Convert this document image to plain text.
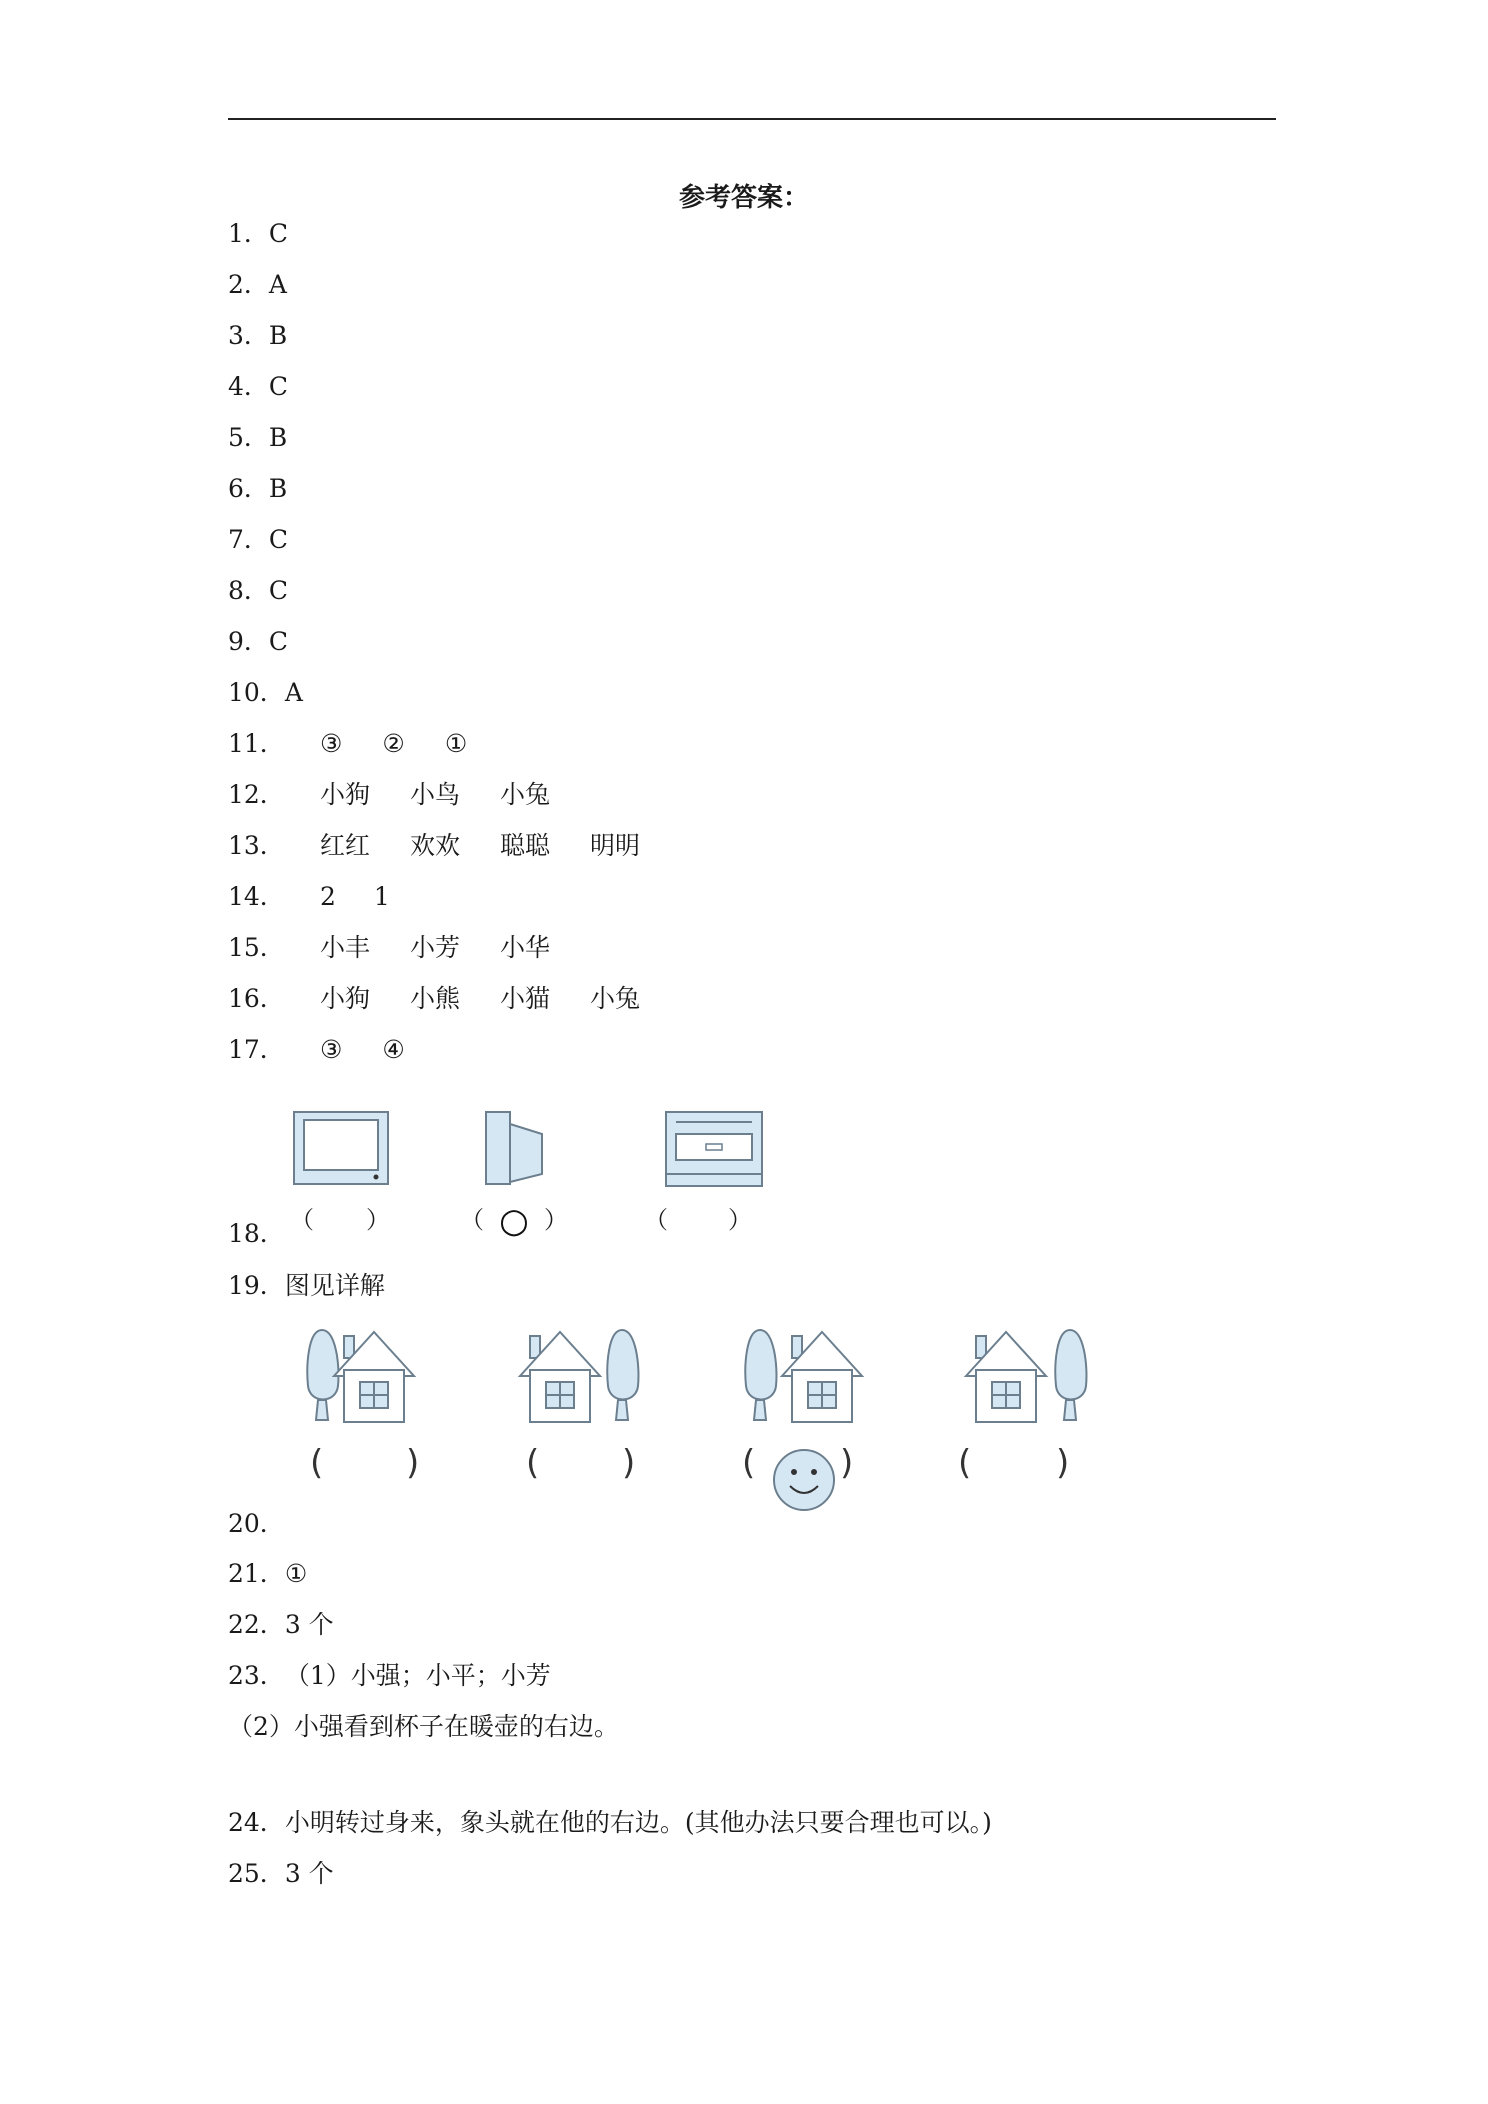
参考答案：
1．C
2．A
3．B
4．C
5．B
6．B
7．C
8．C
9．C
10．A
11． ③ ② ①
12． 小狗 小鸟 小兔
13． 红红 欢欢 聪聪 明明
14． 2 1
15． 小丰 小芳 小华
16． 小狗 小熊 小猫 小兔
17． ③ ④
（ ）	（	）	（	）
○
18．
19．图见详解
( )	( )	( )	( )
20．
21．①
22．3 个
23．（1）小强；小平；小芳
（2）小强看到杯子在暖壶的右边。
24．小明转过身来，象头就在他的右边。(其他办法只要合理也可以。)
25．3 个
